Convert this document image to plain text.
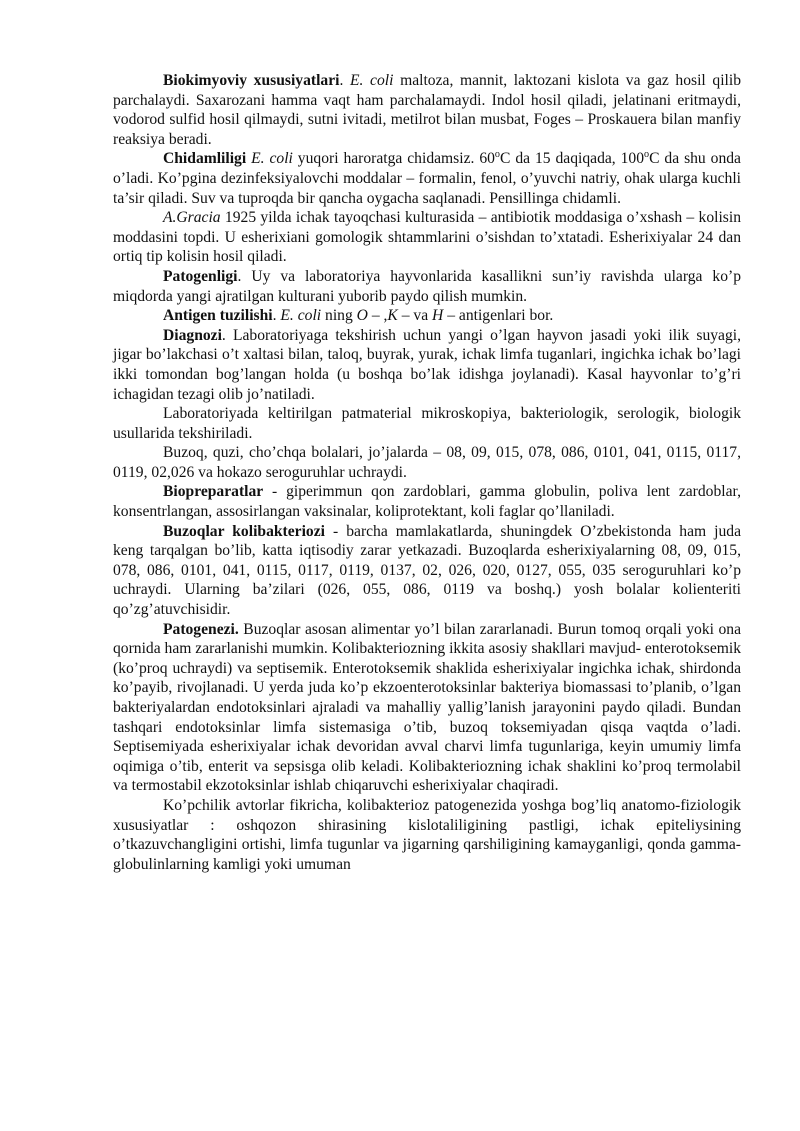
Biokimyoviy xususiyatlari. E. coli maltoza, mannit, laktozani kislota va gaz hosil qilib parchalaydi. Saxarozani hamma vaqt ham parchalamaydi. Indol hosil qiladi, jelatinani eritmaydi, vodorod sulfid hosil qilmaydi, sutni ivitadi, metilrot bilan musbat, Foges – Proskauera bilan manfiy reaksiya beradi.

Chidamliligi E. coli yuqori haroratga chidamsiz. 60$^o$C da 15 daqiqada, 100$^o$C da shu onda o’ladi. Ko’pgina dezinfeksiyalovchi moddalar – formalin, fenol, o’yuvchi natriy, ohak ularga kuchli ta’sir qiladi. Suv va tuproqda bir qancha oygacha saqlanadi. Pensillinga chidamli.

A.Gracia 1925 yilda ichak tayoqchasi kulturasida – antibiotik moddasiga o’xshash – kolisin moddasini topdi. U esherixiani gomologik shtammlarini o’sishdan to’xtatadi. Esherixiyalar 24 dan ortiq tip kolisin hosil qiladi.

Patogenligi. Uy va laboratoriya hayvonlarida kasallikni sun’iy ravishda ularga ko’p miqdorda yangi ajratilgan kulturani yuborib paydo qilish mumkin.

Antigen tuzilishi. E. coli ning O – ,K – va H – antigenlari bor.

Diagnozi. Laboratoriyaga tekshirish uchun yangi o’lgan hayvon jasadi yoki ilik suyagi, jigar bo’lakchasi o’t xaltasi bilan, taloq, buyrak, yurak, ichak limfa tuganlari, ingichka ichak bo’lagi ikki tomondan bog’langan holda (u boshqa bo’lak idishga joylanadi). Kasal hayvonlar to’g’ri ichagidan tezagi olib jo’natiladi.

Laboratoriyada keltirilgan patmaterial mikroskopiya, bakteriologik, serologik, biologik usullarida tekshiriladi.

Buzoq, quzi, cho’chqa bolalari, jo’jalarda – 08, 09, 015, 078, 086, 0101, 041, 0115, 0117, 0119, 02,026 va hokazo seroguruhlar uchraydi.

Biopreparatlar - giperimmun qon zardoblari, gamma globulin, poliva lent zardoblar, konsentrlangan, assosirlangan vaksinalar, koliprotektant, koli faglar qo’llaniladi.

Buzoqlar kolibakteriozi - barcha mamlakatlarda, shuningdek O’zbekistonda ham juda keng tarqalgan bo’lib, katta iqtisodiy zarar yetkazadi. Buzoqlarda esherixiyalarning 08, 09, 015, 078, 086, 0101, 041, 0115, 0117, 0119, 0137, 02, 026, 020, 0127, 055, 035 seroguruhlari ko’p uchraydi. Ularning ba’zilari (026, 055, 086, 0119 va boshq.) yosh bolalar kolienteriti qo’zg’atuvchisidir.

Patogenezi. Buzoqlar asosan alimentar yo’l bilan zararlanadi. Burun tomoq orqali yoki ona qornida ham zararlanishi mumkin. Kolibakteriozning ikkita asosiy shakllari mavjud- enterotoksemik (ko’proq uchraydi) va septisemik. Enterotoksemik shaklida esherixiyalar ingichka ichak, shirdonda ko’payib, rivojlanadi. U yerda juda ko’p ekzoenterotoksinlar bakteriya biomassasi to’planib, o’lgan bakteriyalardan endotoksinlari ajraladi va mahalliy yallig’lanish jarayonini paydo qiladi. Bundan tashqari endotoksinlar limfa sistemasiga o’tib, buzoq toksemiyadan qisqa vaqtda o’ladi. Septisemiyada esherixiyalar ichak devoridan avval charvi limfa tugunlariga, keyin umumiy limfa oqimiga o’tib, enterit va sepsisga olib keladi. Kolibakteriozning ichak shaklini ko’proq termolabil va termostabil ekzotoksinlar ishlab chiqaruvchi esherixiyalar chaqiradi.

Ko’pchilik avtorlar fikricha, kolibakterioz patogenezida yoshga bog’liq anatomo-fiziologik xususiyatlar : oshqozon shirasining kislotaliligining pastligi, ichak epiteliysining o’tkazuvchangligini ortishi, limfa tugunlar va jigarning qarshiligining kamayganligi, qonda gamma-globulinlarning kamligi yoki umuman
